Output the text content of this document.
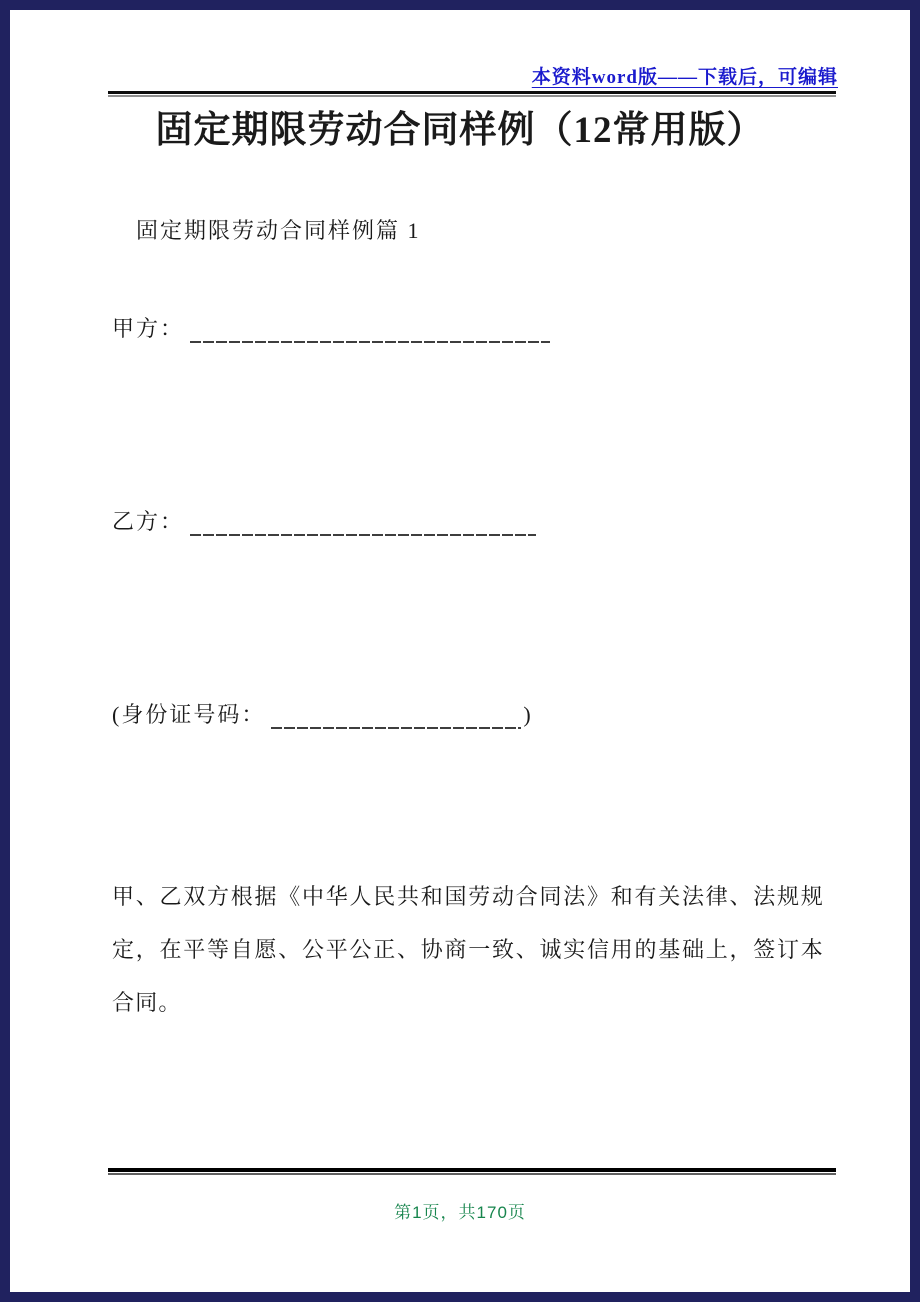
本资料word版——下载后，可编辑
固定期限劳动合同样例（12常用版）
固定期限劳动合同样例篇 1
甲方：
乙方：
(身份证号码：	)
甲、乙双方根据《中华人民共和国劳动合同法》和有关法律、法规规定，在平等自愿、公平公正、协商一致、诚实信用的基础上，签订本合同。
第1页，共170页
